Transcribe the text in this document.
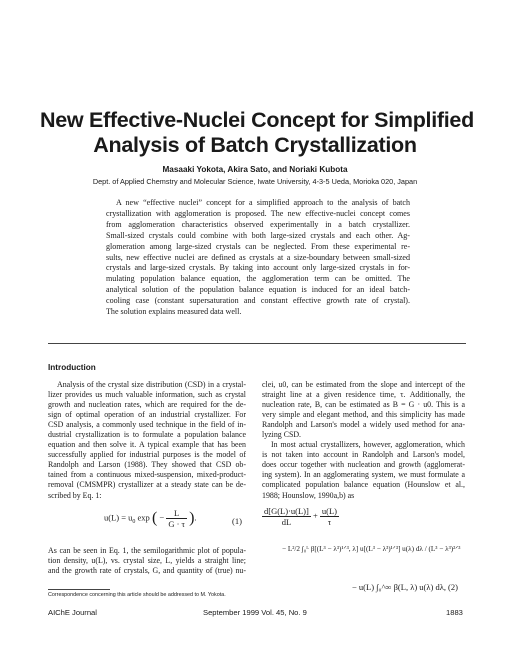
New Effective-Nuclei Concept for Simplified
Analysis of Batch Crystallization
Masaaki Yokota, Akira Sato, and Noriaki Kubota
Dept. of Applied Chemstry and Molecular Science, Iwate University, 4-3-5 Ueda, Morioka 020, Japan
A new “effective nuclei” concept for a simplified approach to the analysis of batch
crystallization with agglomeration is proposed. The new effective-nuclei concept comes
from agglomeration characteristics observed experimentally in a batch crystallizer.
Small-sized crystals could combine with both large-sized crystals and each other. Ag-
glomeration among large-sized crystals can be neglected. From these experimental re-
sults, new effective nuclei are defined as crystals at a size-boundary between small-sized
crystals and large-sized crystals. By taking into account only large-sized crystals in for-
mulating population balance equation, the agglomeration term can be omitted. The
analytical solution of the population balance equation is induced for an ideal batch-
cooling case (constant supersaturation and constant effective growth rate of crystal).
The solution explains measured data well.
Introduction
Analysis of the crystal size distribution (CSD) in a crystal-
lizer provides us much valuable information, such as crystal
growth and nucleation rates, which are required for the de-
sign of optimal operation of an industrial crystallizer. For
CSD analysis, a commonly used technique in the field of in-
dustrial crystallization is to formulate a population balance
equation and then solve it. A typical example that has been
successfully applied for industrial purposes is the model of
Randolph and Larson (1988). They showed that CSD ob-
tained from a continuous mixed-suspension, mixed-product-
removal (CMSMPR) crystallizer at a steady state can be de-
scribed by Eq. 1:
$u(L) = u_0$ exp ( − $\frac{L}{G \cdot \tau}$ ).	(1)
As can be seen in Eq. 1, the semilogarithmic plot of popula-
tion density, u(L), vs. crystal size, L, yields a straight line;
and the growth rate of crystals, G, and quantity of (true) nu-
clei, u0, can be estimated from the slope and intercept of the
straight line at a given residence time, τ. Additionally, the
nucleation rate, B, can be estimated as B = G · u0. This is a
very simple and elegant method, and this simplicity has made
Randolph and Larson's model a widely used method for ana-
lyzing CSD.
In most actual crystallizers, however, agglomeration, which
is not taken into account in Randolph and Larson's model,
does occur together with nucleation and growth (agglomerat-
ing system). In an agglomerating system, we must formulate a
complicated population balance equation (Hounslow et al.,
1988; Hounslow, 1990a,b) as
$\frac{d[G(L)\cdot u(L)]}{dL} + \frac{u(L)}{\tau}$
− L²/2 ∫₀ᴸ β[(L³ − λ³)¹ᐟ³, λ] u[(L³ − λ³)¹ᐟ³] u(λ) dλ / (L³ − λ³)²ᐟ³
− u(L) ∫₀^∞ β(L, λ) u(λ) dλ, (2)
Correspondence concerning this article should be addressed to M. Yokota.
AIChE Journal	September 1999 Vol. 45, No. 9	1883
